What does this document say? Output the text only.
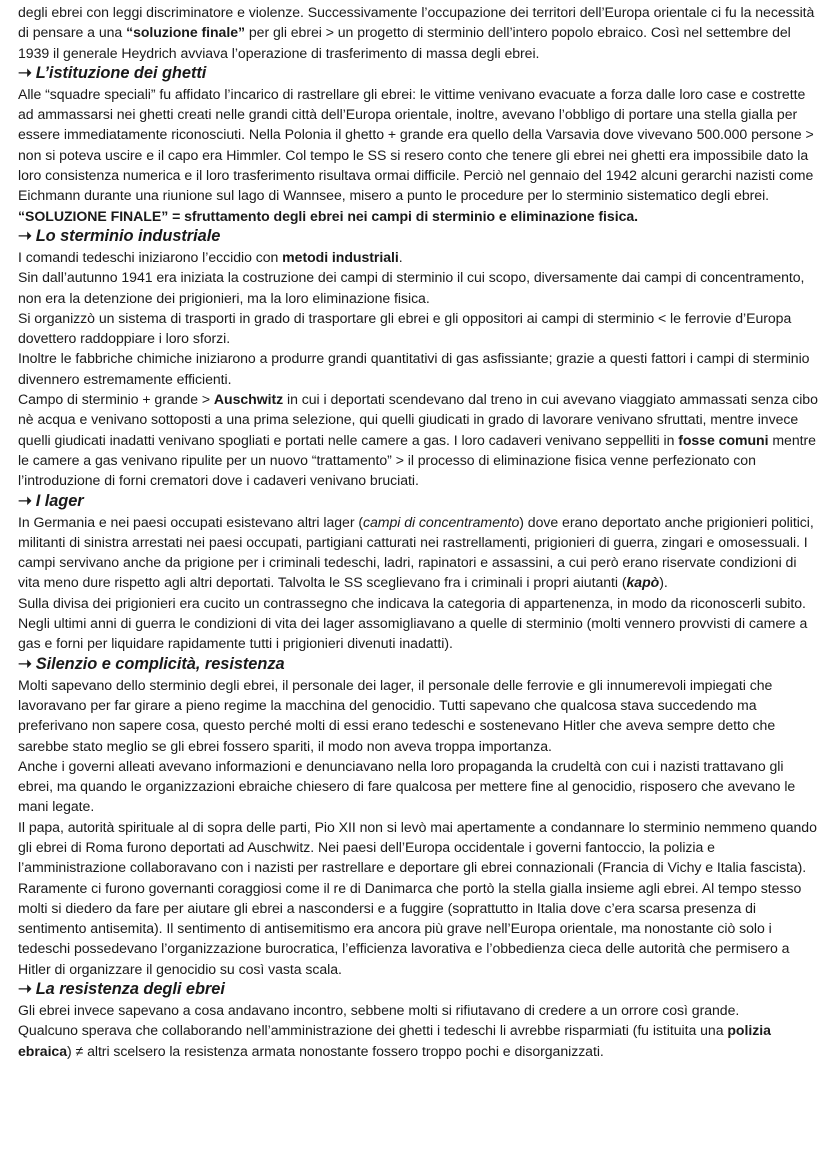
degli ebrei con leggi discriminatore e violenze. Successivamente l’occupazione dei territori dell’Europa orientale ci fu la necessità di pensare a una “soluzione finale” per gli ebrei > un progetto di sterminio dell’intero popolo ebraico. Così nel settembre del 1939 il generale Heydrich avviava l’operazione di trasferimento di massa degli ebrei.

➝ L’istituzione dei ghetti

Alle “squadre speciali” fu affidato l’incarico di rastrellare gli ebrei: le vittime venivano evacuate a forza dalle loro case e costrette ad ammassarsi nei ghetti creati nelle grandi città dell’Europa orientale, inoltre, avevano l’obbligo di portare una stella gialla per essere immediatamente riconosciuti. Nella Polonia il ghetto + grande era quello della Varsavia dove vivevano 500.000 persone > non si poteva uscire e il capo era Himmler. Col tempo le SS si resero conto che tenere gli ebrei nei ghetti era impossibile dato la loro consistenza numerica e il loro trasferimento risultava ormai difficile. Perciò nel gennaio del 1942 alcuni gerarchi nazisti come Eichmann durante una riunione sul lago di Wannsee, misero a punto le procedure per lo sterminio sistematico degli ebrei.

“SOLUZIONE FINALE” = sfruttamento degli ebrei nei campi di sterminio e eliminazione fisica.

➝ Lo sterminio industriale

I comandi tedeschi iniziarono l’eccidio con metodi industriali.

Sin dall’autunno 1941 era iniziata la costruzione dei campi di sterminio il cui scopo, diversamente dai campi di concentramento, non era la detenzione dei prigionieri, ma la loro eliminazione fisica.

Si organizzò un sistema di trasporti in grado di trasportare gli ebrei e gli oppositori ai campi di sterminio < le ferrovie d’Europa dovettero raddoppiare i loro sforzi.

Inoltre le fabbriche chimiche iniziarono a produrre grandi quantitativi di gas asfissiante; grazie a questi fattori i campi di sterminio divennero estremamente efficienti.

Campo di sterminio + grande > Auschwitz in cui i deportati scendevano dal treno in cui avevano viaggiato ammassati senza cibo nè acqua e venivano sottoposti a una prima selezione, qui quelli giudicati in grado di lavorare venivano sfruttati, mentre invece quelli giudicati inadatti venivano spogliati e portati nelle camere a gas. I loro cadaveri venivano seppelliti in fosse comuni mentre le camere a gas venivano ripulite per un nuovo “trattamento” > il processo di eliminazione fisica venne perfezionato con l’introduzione di forni crematori dove i cadaveri venivano bruciati.

➝ I lager

In Germania e nei paesi occupati esistevano altri lager (campi di concentramento) dove erano deportato anche prigionieri politici, militanti di sinistra arrestati nei paesi occupati, partigiani catturati nei rastrellamenti, prigionieri di guerra, zingari e omosessuali. I campi servivano anche da prigione per i criminali tedeschi, ladri, rapinatori e assassini, a cui però erano riservate condizioni di vita meno dure rispetto agli altri deportati. Talvolta le SS sceglievano fra i criminali i propri aiutanti (kapò).

Sulla divisa dei prigionieri era cucito un contrassegno che indicava la categoria di appartenenza, in modo da riconoscerli subito. Negli ultimi anni di guerra le condizioni di vita dei lager assomigliavano a quelle di sterminio (molti vennero provvisti di camere a gas e forni per liquidare rapidamente tutti i prigionieri divenuti inadatti).

➝ Silenzio e complicità, resistenza

Molti sapevano dello sterminio degli ebrei, il personale dei lager, il personale delle ferrovie e gli innumerevoli impiegati che lavoravano per far girare a pieno regime la macchina del genocidio. Tutti sapevano che qualcosa stava succedendo ma preferivano non sapere cosa, questo perché molti di essi erano tedeschi e sostenevano Hitler che aveva sempre detto che sarebbe stato meglio se gli ebrei fossero spariti, il modo non aveva troppa importanza.

Anche i governi alleati avevano informazioni e denunciavano nella loro propaganda la crudeltà con cui i nazisti trattavano gli ebrei, ma quando le organizzazioni ebraiche chiesero di fare qualcosa per mettere fine al genocidio, risposero che avevano le mani legate.

Il papa, autorità spirituale al di sopra delle parti, Pio XII non si levò mai apertamente a condannare lo sterminio nemmeno quando gli ebrei di Roma furono deportati ad Auschwitz. Nei paesi dell’Europa occidentale i governi fantoccio, la polizia e l’amministrazione collaboravano con i nazisti per rastrellare e deportare gli ebrei connazionali (Francia di Vichy e Italia fascista).

Raramente ci furono governanti coraggiosi come il re di Danimarca che portò la stella gialla insieme agli ebrei. Al tempo stesso molti si diedero da fare per aiutare gli ebrei a nascondersi e a fuggire (soprattutto in Italia dove c’era scarsa presenza di sentimento antisemita). Il sentimento di antisemitismo era ancora più grave nell’Europa orientale, ma nonostante ciò solo i tedeschi possedevano l’organizzazione burocratica, l’efficienza lavorativa e l’obbedienza cieca delle autorità che permisero a Hitler di organizzare il genocidio su così vasta scala.

➝ La resistenza degli ebrei

Gli ebrei invece sapevano a cosa andavano incontro, sebbene molti si rifiutavano di credere a un orrore così grande.

Qualcuno sperava che collaborando nell’amministrazione dei ghetti i tedeschi li avrebbe risparmiati (fu istituita una polizia ebraica) ≠ altri scelsero la resistenza armata nonostante fossero troppo pochi e disorganizzati.
